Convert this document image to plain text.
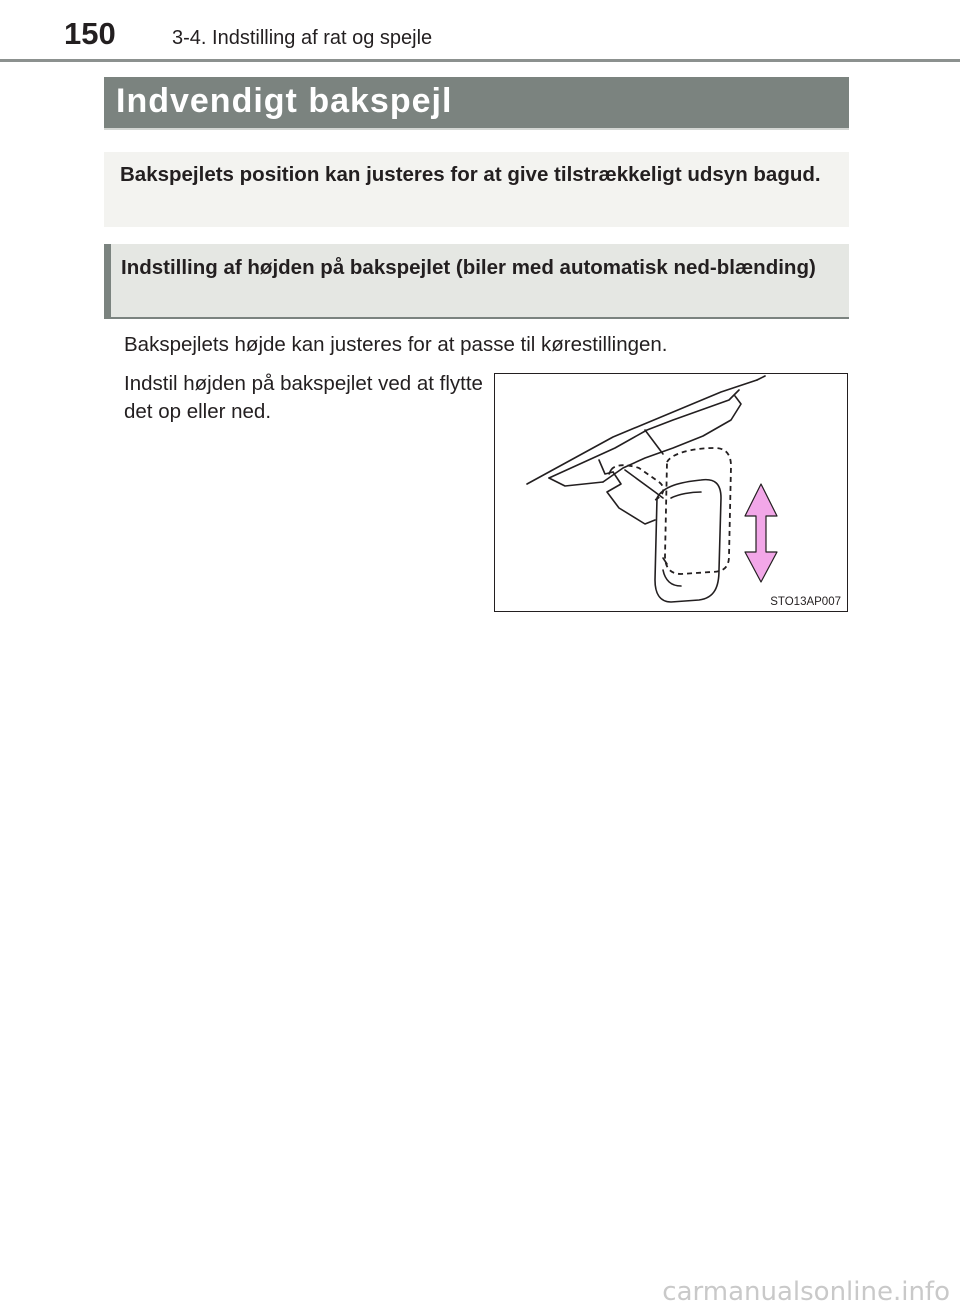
150	3-4. Indstilling af rat og spejle
Indvendigt bakspejl
Bakspejlets position kan justeres for at give tilstrækkeligt udsyn bagud.
Indstilling af højden på bakspejlet (biler med automatisk ned-blænding)
Bakspejlets højde kan justeres for at passe til kørestillingen.
Indstil højden på bakspejlet ved at flytte det op eller ned.
STO13AP007
carmanualsonline.info
